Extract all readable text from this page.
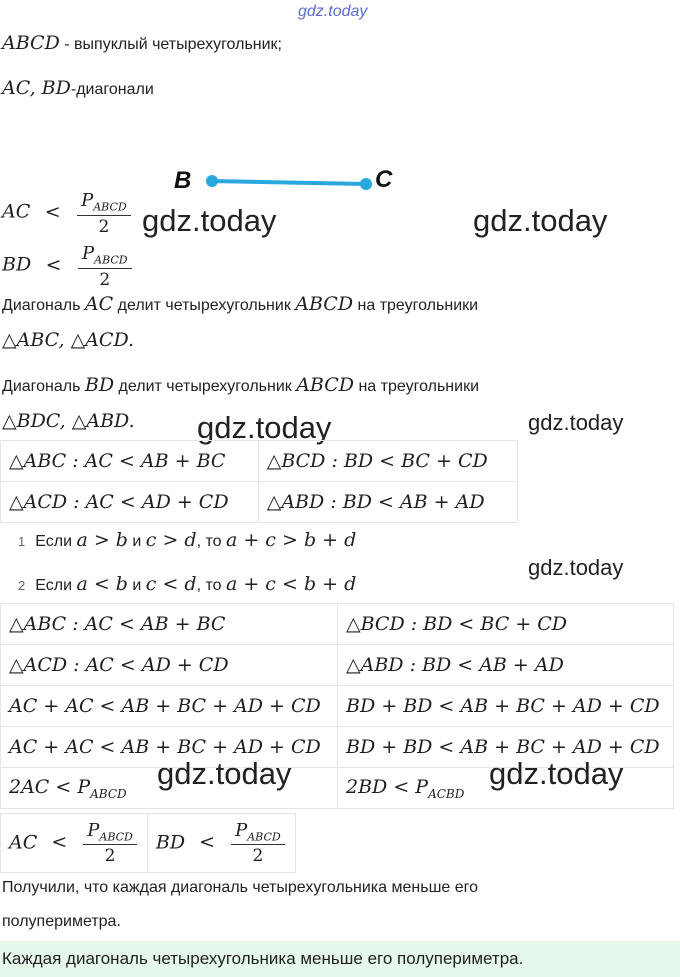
gdz.today
ABCD - выпуклый четырехугольник;
AC, BD-диагонали
B	C
AC < $\frac{P_{ABCD}}{2}$ gdz.today	gdz.today
BD < $\frac{P_{ABCD}}{2}$
Диагональ AC делит четырехугольник ABCD на треугольники
△ABC, △ACD.
Диагональ BD делит четырехугольник ABCD на треугольники
△BDC, △ABD. gdz.today	gdz.today
△ABC : AC < AB + BC	△BCD : BD < BC + CD
△ACD : AC < AD + CD	△ABD : BD < AB + AD
1 Если a > b и c > d, то a + c > b + d
2 Если a < b и c < d, то a + c < b + d
gdz.today
△ABC : AC < AB + BC	△BCD : BD < BC + CD
△ACD : AC < AD + CD	△ABD : BD < AB + AD
AC + AC < AB + BC + AD + CD	BD + BD < AB + BC + AD + CD
AC + AC < AB + BC + AD + CD	BD + BD < AB + BC + AD + CD
$2AC < P_{ABCD}$	$2BD < P_{ACBD}$
gdz.today	gdz.today
AC < $\frac{P_{ABCD}}{2}$	BD < $\frac{P_{ABCD}}{2}$
Получили, что каждая диагональ четырехугольника меньше его
полупериметра.
Каждая диагональ четырехугольника меньше его полупериметра.
